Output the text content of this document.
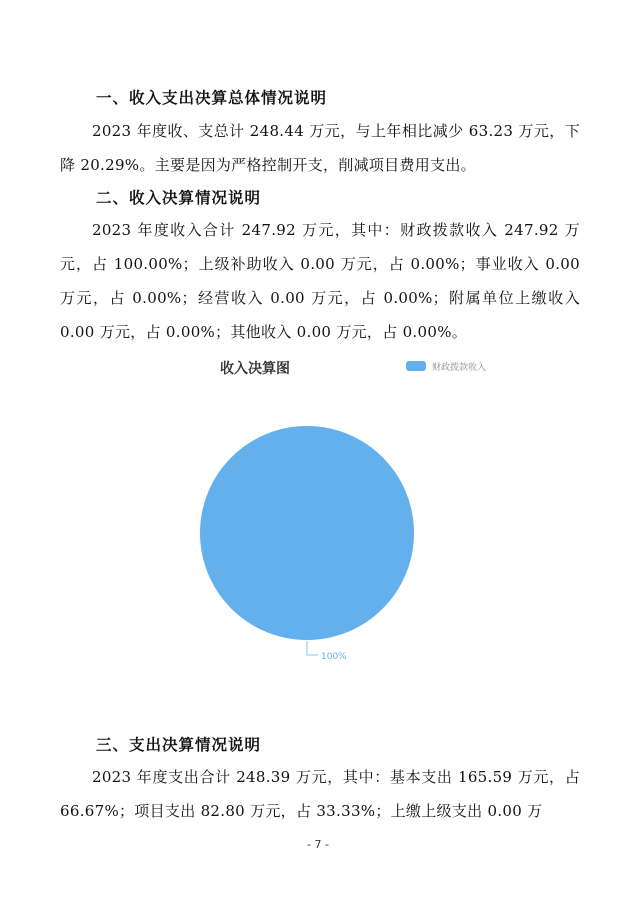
一、收入支出决算总体情况说明
2023 年度收、支总计 248.44 万元，与上年相比减少 63.23 万元，下降 20.29%。主要是因为严格控制开支，削减项目费用支出。
二、收入决算情况说明
2023 年度收入合计 247.92 万元，其中：财政拨款收入 247.92 万元，占 100.00%；上级补助收入 0.00 万元，占 0.00%；事业收入 0.00 万元，占 0.00%；经营收入 0.00 万元，占 0.00%；附属单位上缴收入 0.00 万元，占 0.00%；其他收入 0.00 万元，占 0.00%。
收入决算图	财政拨款收入
100%
三、支出决算情况说明
2023 年度支出合计 248.39 万元，其中：基本支出 165.59 万元，占 66.67%；项目支出 82.80 万元，占 33.33%；上缴上级支出 0.00 万
- 7 -
